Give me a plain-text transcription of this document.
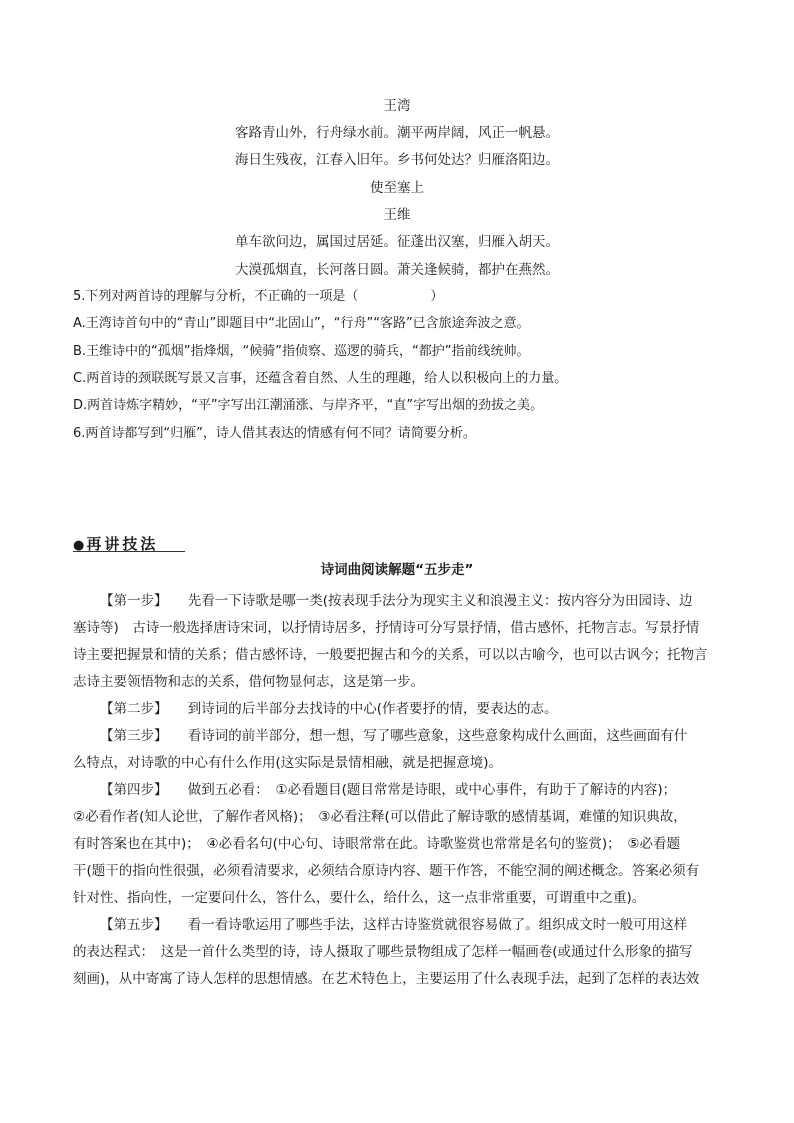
王湾
客路青山外，行舟绿水前。潮平两岸阔，风正一帆悬。
海日生残夜，江春入旧年。乡书何处达？归雁洛阳边。
使至塞上
王维
单车欲问边，属国过居延。征蓬出汉塞，归雁入胡天。
大漠孤烟直，长河落日圆。萧关逢候骑，都护在燕然。
5.下列对两首诗的理解与分析，不正确的一项是（	）
A.王湾诗首句中的“青山”即题目中“北固山”，“行舟”“客路”已含旅途奔波之意。
B.王维诗中的“孤烟”指烽烟，“候骑”指侦察、巡逻的骑兵，“都护”指前线统帅。
C.两首诗的颈联既写景又言事，还蕴含着自然、人生的理趣，给人以积极向上的力量。
D.两首诗炼字精妙，“平”字写出江潮涌涨、与岸齐平，“直”字写出烟的劲拔之美。
6.两首诗都写到“归雁”，诗人借其表达的情感有何不同？请简要分析。
● 再讲技法
诗词曲阅读解题“五步走”
【第一步】　　先看一下诗歌是哪一类(按表现手法分为现实主义和浪漫主义：按内容分为田园诗、边
塞诗等)　古诗一般选择唐诗宋词，以抒情诗居多，抒情诗可分写景抒情，借古感怀，托物言志。写景抒情
诗主要把握景和情的关系；借古感怀诗，一般要把握古和今的关系，可以以古喻今，也可以古讽今；托物言
志诗主要领悟物和志的关系，借何物显何志，这是第一步。
【第二步】　　到诗词的后半部分去找诗的中心(作者要抒的情，要表达的志。
【第三步】　　看诗词的前半部分，想一想，写了哪些意象，这些意象构成什么画面，这些画面有什
么特点，对诗歌的中心有什么作用(这实际是景情相融，就是把握意境)。
【第四步】　　做到五必看：　①必看题目(题目常常是诗眼，或中心事件，有助于了解诗的内容)；
②必看作者(知人论世，了解作者风格)；　③必看注释(可以借此了解诗歌的感情基调，难懂的知识典故，
有时答案也在其中)；　④必看名句(中心句、诗眼常常在此。诗歌鉴赏也常常是名句的鉴赏)；　⑤必看题
干(题干的指向性很强，必须看清要求，必须结合原诗内容、题干作答，不能空洞的阐述概念。答案必须有
针对性、指向性，一定要问什么，答什么，要什么，给什么，这一点非常重要，可谓重中之重)。
【第五步】　　看一看诗歌运用了哪些手法，这样古诗鉴赏就很容易做了。组织成文时一般可用这样
的表达程式：　这是一首什么类型的诗，诗人摄取了哪些景物组成了怎样一幅画卷(或通过什么形象的描写
刻画)，从中寄寓了诗人怎样的思想情感。在艺术特色上，主要运用了什么表现手法，起到了怎样的表达效
